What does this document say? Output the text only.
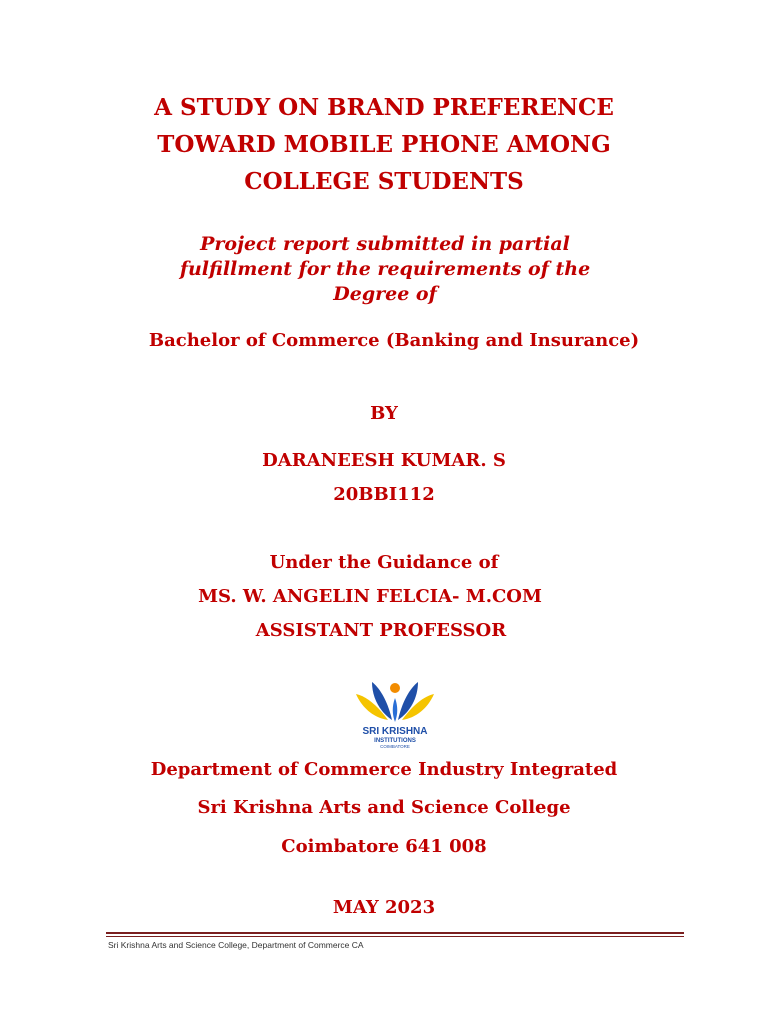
A STUDY ON BRAND PREFERENCE
TOWARD MOBILE PHONE AMONG
COLLEGE STUDENTS
Project report submitted in partial
fulfillment for the requirements of the
Degree of
Bachelor of Commerce (Banking and Insurance)
BY
DARANEESH KUMAR. S
20BBI112
Under the Guidance of
MS. W. ANGELIN FELCIA- M.COM
ASSISTANT PROFESSOR
SRI KRISHNA
INSTITUTIONS
COIMBATORE
Department of Commerce Industry Integrated
Sri Krishna Arts and Science College
Coimbatore 641 008
MAY 2023
Sri Krishna Arts and Science College, Department of Commerce CA
